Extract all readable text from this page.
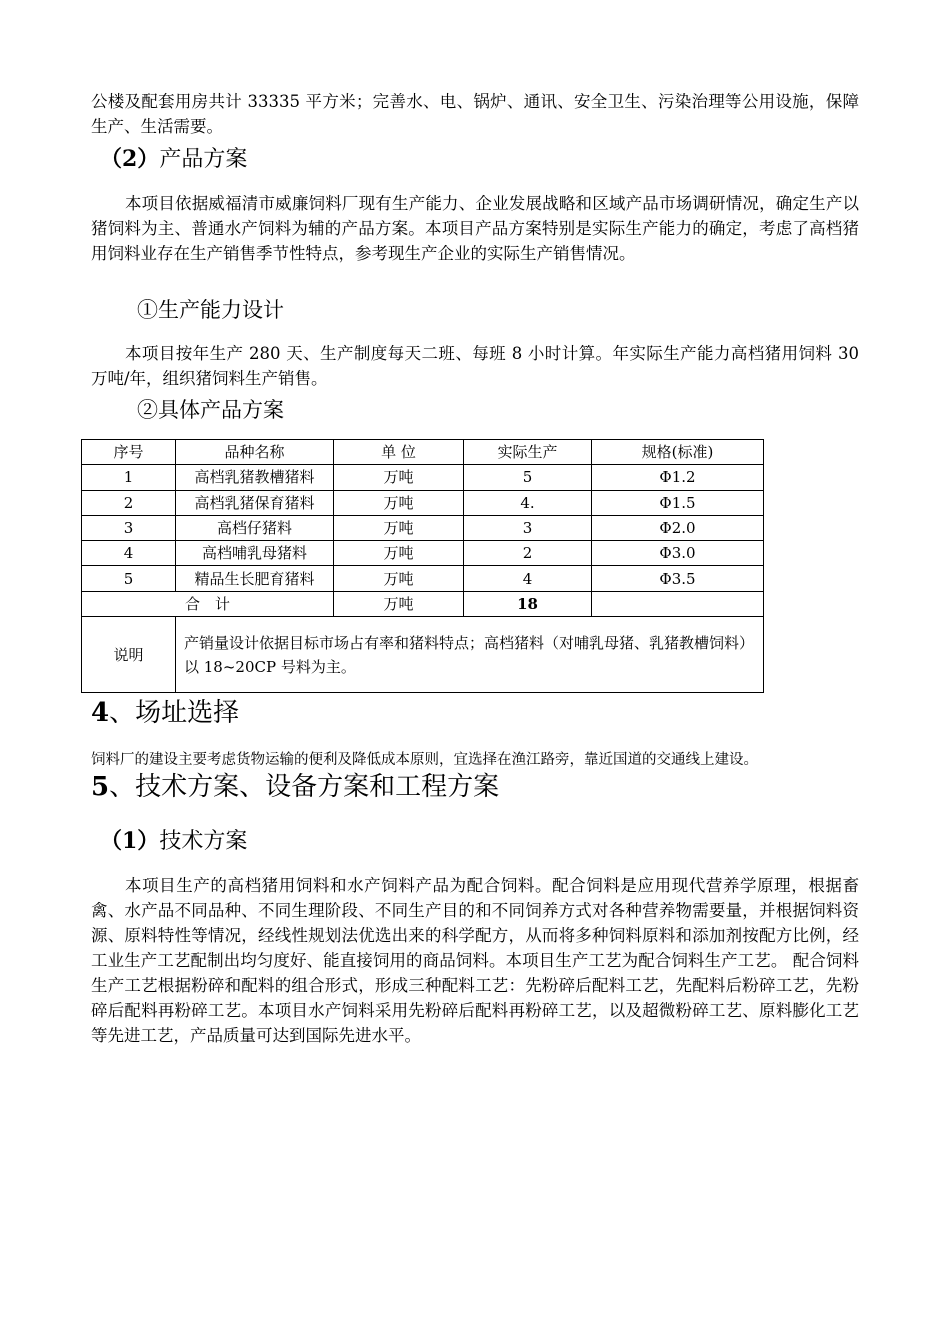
公楼及配套用房共计 33335 平方米；完善水、电、锅炉、通讯、安全卫生、污染治理等公用设施，保障生产、生活需要。
（2）产品方案
本项目依据威福清市威廉饲料厂现有生产能力、企业发展战略和区域产品市场调研情况，确定生产以猪饲料为主、普通水产饲料为辅的产品方案。本项目产品方案特别是实际生产能力的确定，考虑了高档猪用饲料业存在生产销售季节性特点，参考现生产企业的实际生产销售情况。
①生产能力设计
本项目按年生产 280 天、生产制度每天二班、每班 8 小时计算。年实际生产能力高档猪用饲料 30 万吨/年，组织猪饲料生产销售。
②具体产品方案
序号	品种名称	单 位	实际生产	规格(标准)
1	高档乳猪教槽猪料	万吨	5	Φ1.2
2	高档乳猪保育猪料	万吨	4.	Φ1.5
3	高档仔猪料	万吨	3	Φ2.0
4	高档哺乳母猪料	万吨	2	Φ3.0
5	精品生长肥育猪料	万吨	4	Φ3.5
合　计		万吨	18	
说明	产销量设计依据目标市场占有率和猪料特点；高档猪料（对哺乳母猪、乳猪教槽饲料）以 18~20CP 号料为主。			
4、场址选择
饲料厂的建设主要考虑货物运输的便利及降低成本原则，宜选择在渔江路旁，靠近国道的交通线上建设。
5、技术方案、设备方案和工程方案
（1）技术方案
本项目生产的高档猪用饲料和水产饲料产品为配合饲料。配合饲料是应用现代营养学原理，根据畜禽、水产品不同品种、不同生理阶段、不同生产目的和不同饲养方式对各种营养物需要量，并根据饲料资源、原料特性等情况，经线性规划法优选出来的科学配方，从而将多种饲料原料和添加剂按配方比例，经工业生产工艺配制出均匀度好、能直接饲用的商品饲料。本项目生产工艺为配合饲料生产工艺。 配合饲料生产工艺根据粉碎和配料的组合形式，形成三种配料工艺：先粉碎后配料工艺，先配料后粉碎工艺，先粉碎后配料再粉碎工艺。本项目水产饲料采用先粉碎后配料再粉碎工艺，以及超微粉碎工艺、原料膨化工艺等先进工艺，产品质量可达到国际先进水平。
